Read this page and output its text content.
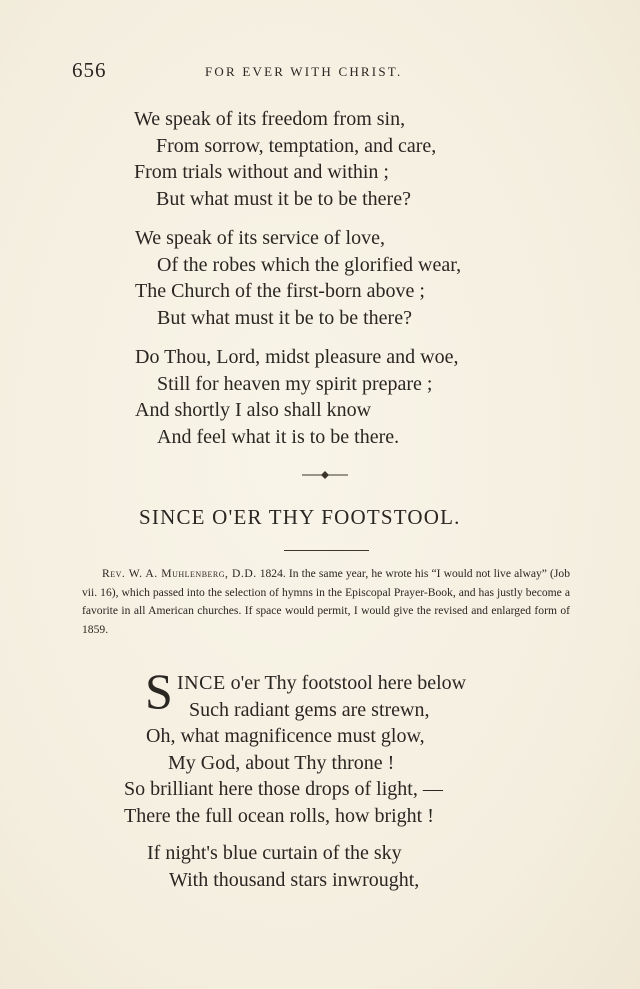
656	FOR EVER WITH CHRIST.
We speak of its freedom from sin,
From sorrow, temptation, and care,
From trials without and within ;
But what must it be to be there?
We speak of its service of love,
Of the robes which the glorified wear,
The Church of the first-born above ;
But what must it be to be there?
Do Thou, Lord, midst pleasure and woe,
Still for heaven my spirit prepare ;
And shortly I also shall know
And feel what it is to be there.
SINCE O'ER THY FOOTSTOOL.
Rev. W. A. Muhlenberg, D.D. 1824. In the same year, he wrote his “I would not live alway” (Job vii. 16), which passed into the selection of hymns in the Episcopal Prayer-Book, and has justly become a favorite in all American churches. If space would permit, I would give the revised and enlarged form of 1859.
S INCE o'er Thy footstool here below
Such radiant gems are strewn,
Oh, what magnificence must glow,
My God, about Thy throne !
So brilliant here those drops of light, —
There the full ocean rolls, how bright !
If night's blue curtain of the sky
With thousand stars inwrought,
